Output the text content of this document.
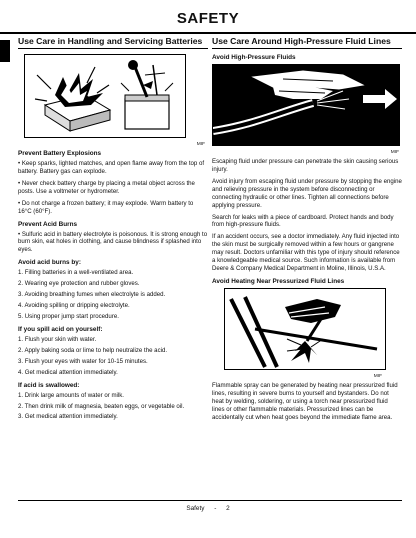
SAFETY
Use Care in Handling and Servicing Batteries
MIF
Prevent Battery Explosions

• Keep sparks, lighted matches, and open flame away from the top of battery. Battery gas can explode.

• Never check battery charge by placing a metal object across the posts. Use a voltmeter or hydrometer.

• Do not charge a frozen battery; it may explode. Warm battery to 16°C (60°F).

Prevent Acid Burns

• Sulfuric acid in battery electrolyte is poisonous. It is strong enough to burn skin, eat holes in clothing, and cause blindness if splashed into eyes.

Avoid acid burns by:
1. Filling batteries in a well-ventilated area.
2. Wearing eye protection and rubber gloves.
3. Avoiding breathing fumes when electrolyte is added.
4. Avoiding spilling or dripping electrolyte.
5. Using proper jump start procedure.
If you spill acid on yourself:
1. Flush your skin with water.
2. Apply baking soda or lime to help neutralize the acid.
3. Flush your eyes with water for 10-15 minutes.
4. Get medical attention immediately.
If acid is swallowed:
1. Drink large amounts of water or milk.
2. Then drink milk of magnesia, beaten eggs, or vegetable oil.
3. Get medical attention immediately.
Use Care Around High-Pressure Fluid Lines
Avoid High-Pressure Fluids
MIF

Escaping fluid under pressure can penetrate the skin causing serious injury.

Avoid injury from escaping fluid under pressure by stopping the engine and relieving pressure in the system before disconnecting or connecting hydraulic or other lines. Tighten all connections before applying pressure.

Search for leaks with a piece of cardboard. Protect hands and body from high-pressure fluids.

If an accident occurs, see a doctor immediately. Any fluid injected into the skin must be surgically removed within a few hours or gangrene may result. Doctors unfamiliar with this type of injury should reference a knowledgeable medical source. Such information is available from Deere & Company Medical Department in Moline, Illinois, U.S.A.

Avoid Heating Near Pressurized Fluid Lines
MIF

Flammable spray can be generated by heating near pressurized fluid lines, resulting in severe burns to yourself and bystanders. Do not heat by welding, soldering, or using a torch near pressurized fluid lines or other flammable materials. Pressurized lines can be accidentally cut when heat goes beyond the immediate flame area.

Safety - 2
